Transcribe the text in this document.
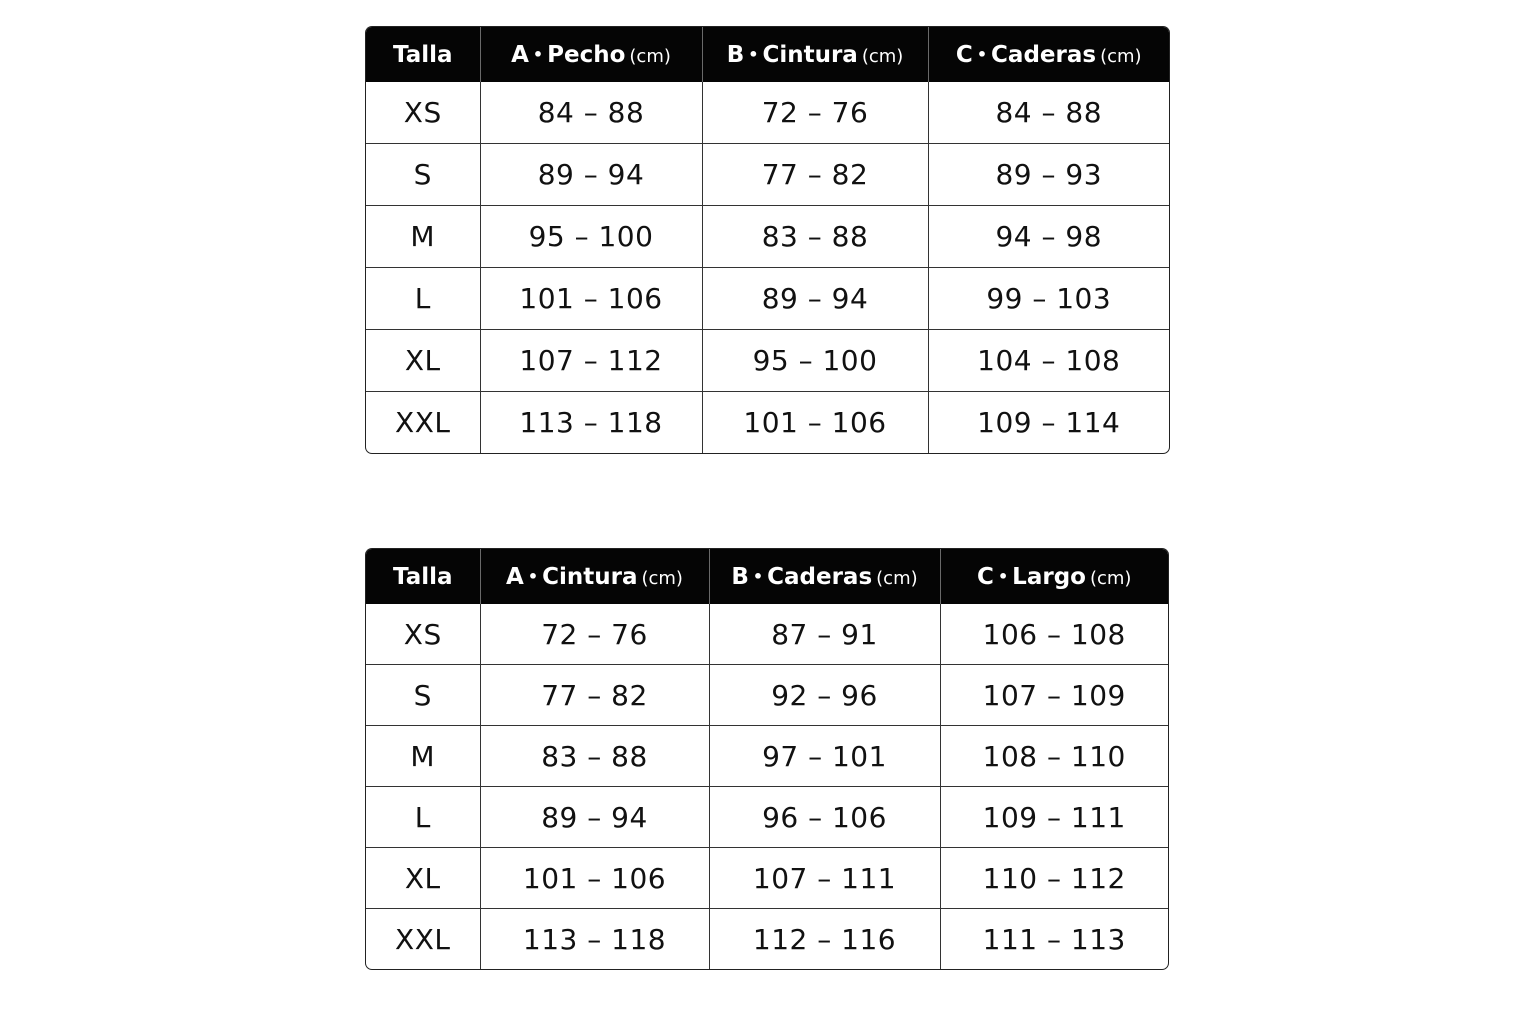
Talla	A • Pecho (cm)	B • Cintura (cm)	C • Caderas (cm)
XS	84 – 88	72 – 76	84 – 88
S	89 – 94	77 – 82	89 – 93
M	95 – 100	83 – 88	94 – 98
L	101 – 106	89 – 94	99 – 103
XL	107 – 112	95 – 100	104 – 108
XXL	113 – 118	101 – 106	109 – 114
Talla	A • Cintura (cm)	B • Caderas (cm)	C • Largo (cm)
XS	72 – 76	87 – 91	106 – 108
S	77 – 82	92 – 96	107 – 109
M	83 – 88	97 – 101	108 – 110
L	89 – 94	96 – 106	109 – 111
XL	101 – 106	107 – 111	110 – 112
XXL	113 – 118	112 – 116	111 – 113
